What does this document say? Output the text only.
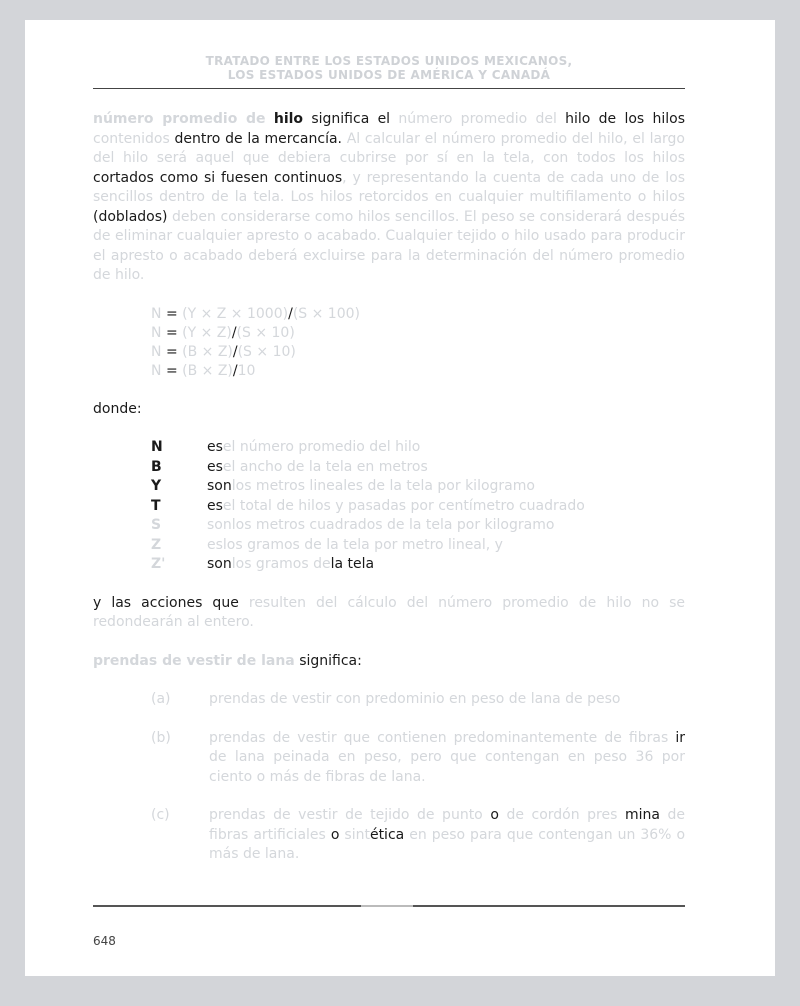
TRATADO ENTRE LOS ESTADOS UNIDOS MEXICANOS,
LOS ESTADOS UNIDOS DE AMÉRICA Y CANADÁ

número promedio de hilo significa el número promedio del hilo de los hilos contenidos dentro de la mercancía. Al calcular el número promedio del hilo, el largo del hilo será aquel que debiera cubrirse por sí en la tela, con todos los hilos cortados como si fuesen continuos, y representando la cuenta de cada uno de los sencillos dentro de la tela. Los hilos retorcidos en cualquier multifilamento o hilos (doblados) deben considerarse como hilos sencillos. El peso se considerará después de eliminar cualquier apresto o acabado. Cualquier tejido o hilo usado para producir el apresto o acabado deberá excluirse para la determinación del número promedio de hilo.

N = (Y × Z × 1000)/(S × 100)
N = (Y × Z)/(S × 10)
N = (B × Z)/(S × 10)
N = (B × Z)/10

donde:

N	es el número promedio del hilo
B	es el ancho de la tela en metros
Y	son los metros lineales de la tela por kilogramo
T	es el total de hilos y pasadas por centímetro cuadrado
S	son los metros cuadrados de la tela por kilogramo
Z	es los gramos de la tela por metro lineal, y
Z'	son los gramos de la tela

y las acciones que resulten del cálculo del número promedio de hilo no se redondearán al entero.

prendas de vestir de lana significa:

(a)	prendas de vestir con predominio en peso de lana de peso
(b)	prendas de vestir que contienen predominantemente de fibras ir de lana peinada en peso, pero que contengan en peso 36 por ciento o más de fibras de lana.
(c)	prendas de vestir de tejido de punto o de cordón pres mina de fibras artificiales o sintética en peso para que contengan un 36% o más de lana.
648
